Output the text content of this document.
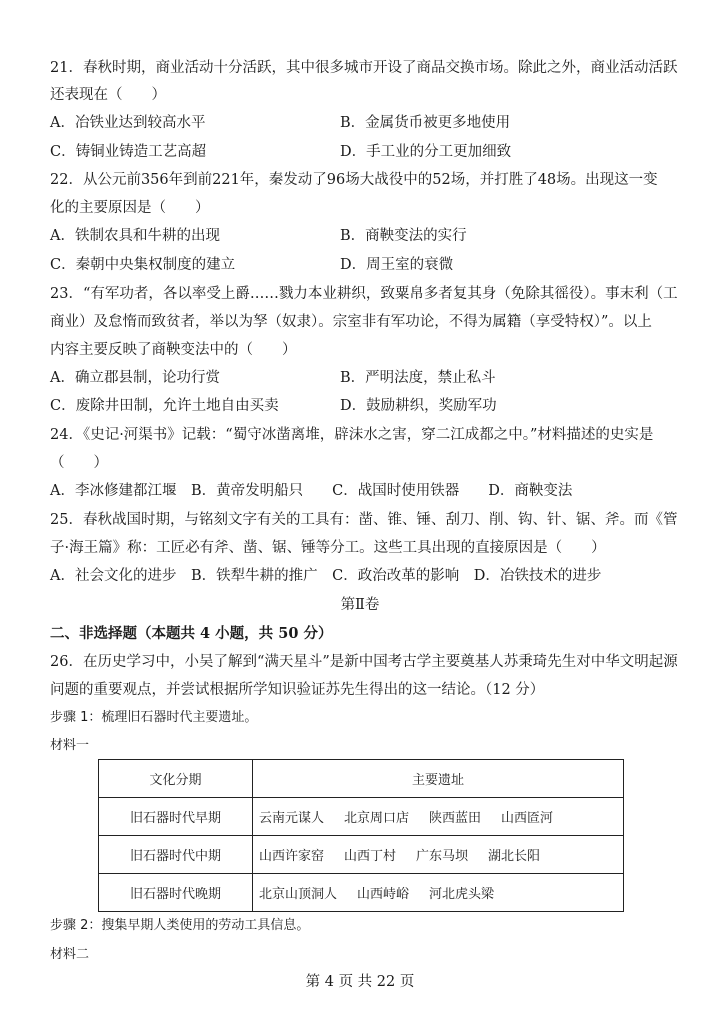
21．春秋时期，商业活动十分活跃，其中很多城市开设了商品交换市场。除此之外，商业活动活跃
还表现在（　　）
A．冶铁业达到较高水平	B．金属货币被更多地使用
C．铸铜业铸造工艺高超	D．手工业的分工更加细致
22．从公元前356年到前221年，秦发动了96场大战役中的52场，并打胜了48场。出现这一变
化的主要原因是（　　）
A．铁制农具和牛耕的出现	B．商鞅变法的实行
C．秦朝中央集权制度的建立	D．周王室的衰微
23．“有军功者，各以率受上爵……戮力本业耕织，致粟帛多者复其身（免除其徭役）。事末利（工
商业）及怠惰而致贫者，举以为孥（奴隶）。宗室非有军功论，不得为属籍（享受特权）”。以上
内容主要反映了商鞅变法中的（　　）
A．确立郡县制，论功行赏	B．严明法度，禁止私斗
C．废除井田制，允许土地自由买卖	D．鼓励耕织，奖励军功
24．《史记·河渠书》记载：“蜀守冰凿离堆，辟沫水之害，穿二江成都之中。”材料描述的史实是
（　　）
A．李冰修建都江堰　B．黄帝发明船只　　C．战国时使用铁器　　D．商鞅变法
25．春秋战国时期，与铭刻文字有关的工具有：凿、锥、锤、刮刀、削、钩、针、锯、斧。而《管
子·海王篇》称：工匠必有斧、凿、锯、锤等分工。这些工具出现的直接原因是（　　）
A．社会文化的进步　B．铁犁牛耕的推广　C．政治改革的影响　D．冶铁技术的进步
第Ⅱ卷
二、非选择题（本题共 4 小题，共 50 分）
26．在历史学习中，小吴了解到“满天星斗”是新中国考古学主要奠基人苏秉琦先生对中华文明起源
问题的重要观点，并尝试根据所学知识验证苏先生得出的这一结论。（12 分）
步骤 1：梳理旧石器时代主要遗址。
材料一
文化分期	主要遗址
旧石器时代早期	云南元谋人 北京周口店 陕西蓝田 山西匼河
旧石器时代中期	山西许家窑 山西丁村 广东马坝 湖北长阳
旧石器时代晚期	北京山顶洞人 山西峙峪 河北虎头梁
步骤 2：搜集早期人类使用的劳动工具信息。
材料二
第 4 页 共 22 页
